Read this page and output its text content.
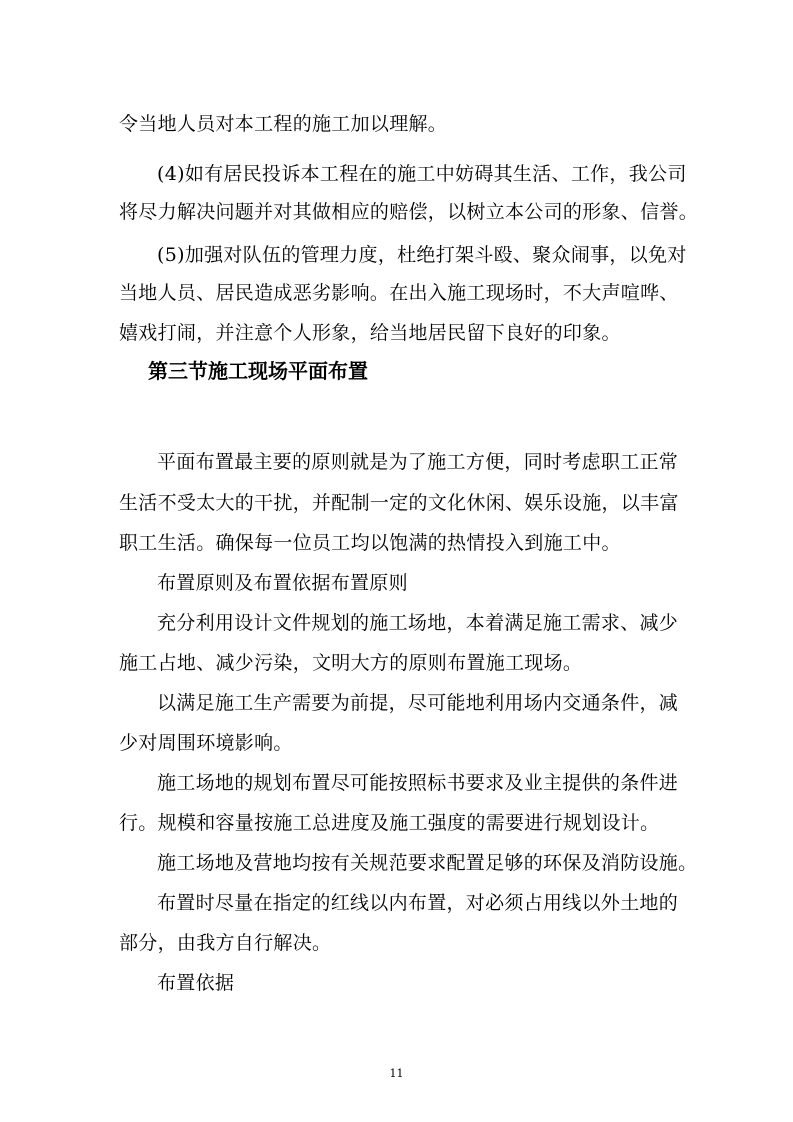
令当地人员对本工程的施工加以理解。

(4)如有居民投诉本工程在的施工中妨碍其生活、工作，我公司

将尽力解决问题并对其做相应的赔偿，以树立本公司的形象、信誉。

(5)加强对队伍的管理力度，杜绝打架斗殴、聚众闹事，以免对

当地人员、居民造成恶劣影响。在出入施工现场时，不大声喧哗、

嬉戏打闹，并注意个人形象，给当地居民留下良好的印象。

第三节施工现场平面布置

平面布置最主要的原则就是为了施工方便，同时考虑职工正常

生活不受太大的干扰，并配制一定的文化休闲、娱乐设施，以丰富

职工生活。确保每一位员工均以饱满的热情投入到施工中。

布置原则及布置依据布置原则

充分利用设计文件规划的施工场地，本着满足施工需求、减少

施工占地、减少污染，文明大方的原则布置施工现场。

以满足施工生产需要为前提，尽可能地利用场内交通条件，减

少对周围环境影响。

施工场地的规划布置尽可能按照标书要求及业主提供的条件进

行。规模和容量按施工总进度及施工强度的需要进行规划设计。

施工场地及营地均按有关规范要求配置足够的环保及消防设施。

布置时尽量在指定的红线以内布置，对必须占用线以外土地的

部分，由我方自行解决。

布置依据

11
